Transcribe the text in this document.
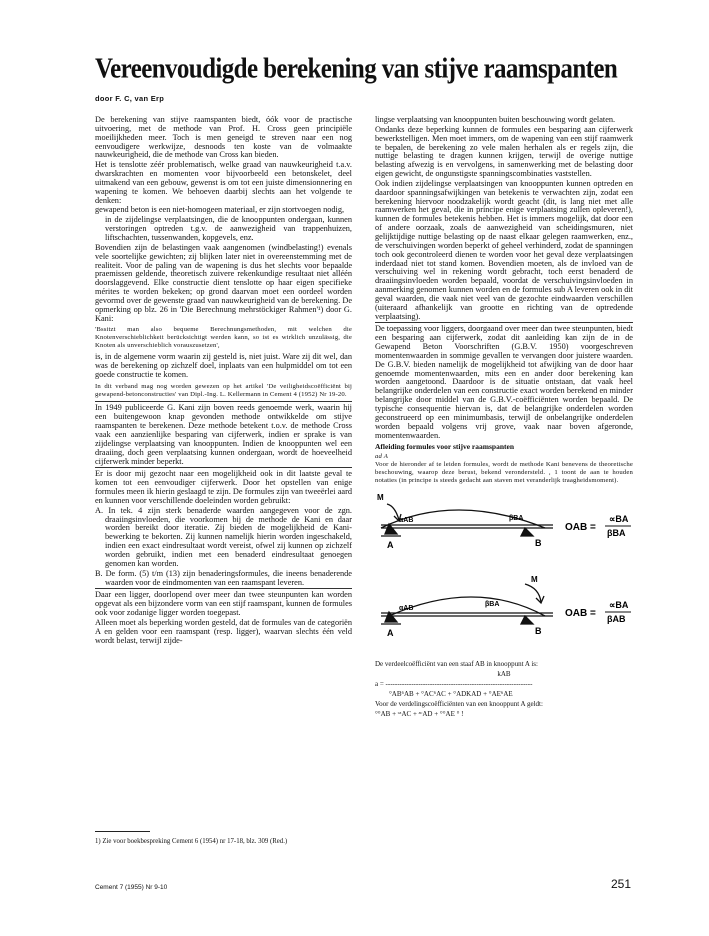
Vereenvoudigde berekening van stijve raamspanten
door F. C, van Erp

De berekening van stijve raamspanten biedt, óók voor de practische uitvoering, met de methode van Prof. H. Cross geen principiële moeilijkheden meer. Toch is men geneigd te streven naar een nog eenvoudigere werkwijze, desnoods ten koste van de volmaakte nauwkeurigheid, die de methode van Cross kan bieden.

Het is tenslotte zéér problematisch, welke graad van nauwkeurigheid t.a.v. dwarskrachten en momenten voor bijvoorbeeld een betonskelet, deel uitmakend van een gebouw, gewenst is om tot een juiste dimensionnering en wapening te komen. We behoeven daarbij slechts aan het volgende te denken:

gewapend beton is een niet-homogeen materiaal, er zijn stortvoegen nodig,

in de zijdelingse verplaatsingen, die de knooppunten ondergaan, kunnen verstoringen optreden t.g.v. de aanwezigheid van trappenhuizen, liftschachten, tussenwanden, kopgevels, enz.

Bovendien zijn de belastingen vaak aangenomen (windbelasting!) evenals vele soortelijke gewichten; zij blijken later niet in overeenstemming met de realiteit. Voor de paling van de wapening is dus het slechts voor bepaalde praemissen geldende, theoretisch zuivere rekenkundige resultaat niet alléén doorslaggevend. Elke constructie dient tenslotte op haar eigen specifieke mérites te worden bekeken; op grond daarvan moet een oordeel worden gevormd over de gewenste graad van nauwkeurigheid van de berekening. De opmerking op blz. 26 in 'Die Berechnung mehrstöckiger Rahmen'¹) door G. Kani:

'Bssitzt man also bequeme Berechnungsmethoden, mit welchen die Knotenverschieblichkeit berücksichtigt werden kann, so ist es wirklich unzulässig, die Knoten als unverschieblich vorauszusetzen',

is, in de algemene vorm waarin zij gesteld is, niet juist. Ware zij dit wel, dan was de berekening op zichzelf doel, inplaats van een hulpmiddel om tot een goede constructie te komen.

In dit verband mag nog worden gewezen op het artikel 'De veiligheidscoëfficiënt bij gewapend-betonconstructies' van Dipl.-Ing. L. Kellermann in Cement 4 (1952) Nr 19-20.

In 1949 publiceerde G. Kani zijn boven reeds genoemde werk, waarin hij een buitengewoon knap gevonden methode ontwikkelde om stijve raamspanten te berekenen. Deze methode betekent t.o.v. de methode Cross vaak een aanzienlijke besparing van cijferwerk, indien er sprake is van zijdelingse verplaatsing van knooppunten. Indien de knooppunten wel een draaiing, doch geen verplaatsing kunnen ondergaan, wordt de hoeveelheid cijferwerk minder beperkt.

Er is door mij gezocht naar een mogelijkheid ook in dit laatste geval te komen tot een eenvoudiger cijferwerk. Door het opstellen van enige formules meen ik hierin geslaagd te zijn. De formules zijn van tweeërlei aard en kunnen voor verschillende doeleinden worden gebruikt:

A. In tek. 4 zijn sterk benaderde waarden aangegeven voor de zgn. draaiingsinvloeden, die voorkomen bij de methode de Kani en daar worden bereikt door iteratie. Zij bieden de mogelijkheid de Kani-bewerking te bekorten. Zij kunnen namelijk hierin worden ingeschakeld, indien een exact eindresultaat wordt vereist, ofwel zij kunnen op zichzelf worden gebruikt, indien met een benaderd eindresultaat genoegen genomen kan worden.

B. De form. (5) t/m (13) zijn benaderingsformules, die ineens benaderende waarden voor de eindmomenten van een raamspant leveren.

Daar een ligger, doorlopend over meer dan twee steunpunten kan worden opgevat als een bijzondere vorm van een stijf raamspant, kunnen de formules ook voor zodanige ligger worden toegepast.

Alleen moet als beperking worden gesteld, dat de formules van de categoriën A en gelden voor een raamspant (resp. ligger), waarvan slechts één veld wordt belast, terwijl zijde-

lingse verplaatsing van knooppunten buiten beschouwing wordt gelaten.

Ondanks deze beperking kunnen de formules een besparing aan cijferwerk bewerkstelligen. Men moet immers, om de wapening van een stijf raamwerk te bepalen, de berekening zo vele malen herhalen als er regels zijn, die nuttige belasting te dragen kunnen krijgen, terwijl de overige nuttige belasting afwezig is en vervolgens, in samenwerking met de belasting door eigen gewicht, de ongunstigste spanningscombinaties vaststellen.

Ook indien zijdelingse verplaatsingen van knooppunten kunnen optreden en daardoor spanningsafwijkingen van betekenis te verwachten zijn, zodat een berekening hiervoor noodzakelijk wordt geacht (dit, is lang niet met alle raamwerken het geval, die in principe enige verplaatsing zullen opleveren!), kunnen de formules betekenis hebben. Het is immers mogelijk, dat door een of andere oorzaak, zoals de aanwezigheid van scheidingsmuren, niet gelijktijdige nuttige belasting op de naast elkaar gelegen raamwerken, enz., de verschuivingen worden beperkt of geheel verhinderd, zodat de spanningen toch ook gecontroleerd dienen te worden voor het geval deze verplaatsingen inderdaad niet tot stand komen. Bovendien moeten, als de invloed van de verschuiving wel in rekening wordt gebracht, toch eerst benaderd de draaiingsinvloeden worden bepaald, voordat de verschuivingsinvloeden in aanmerking genomen kunnen worden en de formules sub A leveren ook in dit geval waarden, die vaak niet veel van de gezochte eindwaarden verschillen (uiteraard afhankelijk van grootte en richting van de optredende verplaatsing).

De toepassing voor liggers, doorgaand over meer dan twee steunpunten, biedt een besparing aan cijferwerk, zodat dit aanleiding kan zijn de in de Gewapend Beton Voorschriften (G.B.V. 1950) voorgeschreven momentenwaarden in sommige gevallen te vervangen door juistere waarden. De G.B.V. bieden namelijk de mogelijkheid tot afwijking van de door haar genoemde momentenwaarden, mits een en ander door berekening kan worden aangetoond. Daardoor is de situatie ontstaan, dat vaak heel belangrijke onderdelen van een constructie exact worden berekend en minder belangrijke door middel van de G.B.V.-coëfficiënten worden bepaald. De typische consequentie hiervan is, dat de belangrijke onderdelen worden geconstrueerd op een minimumbasis, terwijl de onbelangrijke onderdelen worden bepaald volgens vrij grove, vaak naar boven afgeronde, momentenwaarden.

Afleiding formules voor stijve raamspanten

ad A

Voor de hieronder af te leiden formules, wordt de methode Kani benevens de theoretische beschouwing, waarop deze berust, bekend verondersteld. , 1 toont de aan te houden notaties (in principe is steeds gedacht aan staven met veranderlijk traagheidsmoment).

M
αAB	βBA
A	B
OAB =
∝BA
βBA
M
αAB
βBA
A	B
OAB =
∝BA
βAB

De verdeelcoëfficiënt van een staaf AB in knooppunt A is:

kAB

a = ---------------------------------------------------------------

°AB⁶AB + °AC⁶AC + °ADKAD + °AE⁶AE

Voor de verdelingscoëfficiënten van een knooppunt A geldt:

°°AB + ᶜᵃAC + ᵃᶜAD + °°AE ° !

1) Zie voor boekbespreking Cement 6 (1954) nr 17-18, blz. 309 (Red.)
Cement 7 (1955) Nr 9-10	251
